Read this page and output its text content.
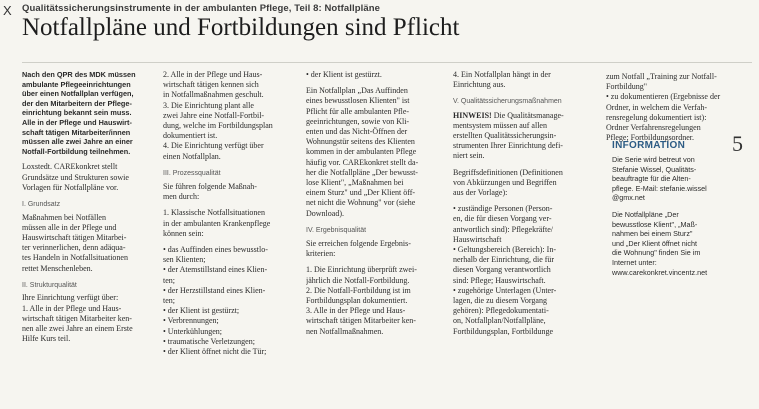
X Qualitätssicherungsinstrumente in der ambulanten Pflege, Teil 8: Notfallpläne
Notfallpläne und Fortbildungen sind Pflicht

Nach den QPR des MDK müssen
ambulante Pflegeeinrichtungen
über einen Notfallplan verfügen,
der den Mitarbeitern der Pflege-
einrichtung bekannt sein muss.
Alle in der Pflege und Hauswirt-
schaft tätigen Mitarbeiter/innen
müssen alle zwei Jahre an einer
Notfall-Fortbildung teilnehmen.

Loxstedt. CAREkonkret stellt
Grundsätze und Strukturen sowie
Vorlagen für Notfallpläne vor.

I. Grundsatz

Maßnahmen bei Notfällen
müssen alle in der Pflege und
Hauswirtschaft tätigen Mitarbei-
ter verinnerlichen, denn adäqua-
tes Handeln in Notfallsituationen
rettet Menschenleben.

II. Strukturqualität

Ihre Einrichtung verfügt über:
1. Alle in der Pflege und Haus-
wirtschaft tätigen Mitarbeiter ken-
nen alle zwei Jahre an einem Erste
Hilfe Kurs teil.

2. Alle in der Pflege und Haus-
wirtschaft tätigen kennen sich
in Notfallmaßnahmen geschult.
3. Die Einrichtung plant alle
zwei Jahre eine Notfall-Fortbil-
dung, welche im Fortbildungsplan
dokumentiert ist.
4. Die Einrichtung verfügt über
einen Notfallplan.

III. Prozessqualität

Sie führen folgende Maßnah-
men durch:

1. Klassische Notfallsituationen
in der ambulanten Krankenpflege
können sein:

• das Auffinden eines bewusstlo-
sen Klienten;
• der Atemstillstand eines Klien-
ten;
• der Herzstillstand eines Klien-
ten;
• der Klient ist gestürzt;
• Verbrennungen;
• Unterkühlungen;
• traumatische Verletzungen;
• der Klient öffnet nicht die Tür;

• der Klient ist gestürzt.

Ein Notfallplan „Das Auffinden
eines bewusstlosen Klienten" ist
Pflicht für alle ambulanten Pfle-
geeinrichtungen, sowie von Kli-
enten und das Nicht-Öffnen der
Wohnungstür seitens des Klienten
kommen in der ambulanten Pflege
häufig vor. CAREkonkret stellt da-
her die Notfallpläne „Der bewusst-
lose Klient", „Maßnahmen bei
einem Sturz" und „Der Klient öff-
net nicht die Wohnung" vor (siehe
Download).

IV. Ergebnisqualität

Sie erreichen folgende Ergebnis-
kriterien:

1. Die Einrichtung überprüft zwei-
jährlich die Notfall-Fortbildung.
2. Die Notfall-Fortbildung ist im
Fortbildungsplan dokumentiert.
3. Alle in der Pflege und Haus-
wirtschaft tätigen Mitarbeiter ken-
nen Notfallmaßnahmen.

4. Ein Notfallplan hängt in der
Einrichtung aus.

V. Qualitätssicherungsmaßnahmen

HINWEIS! Die Qualitätsmanage-
mentsystem müssen auf allen
erstellten Qualitätssicherungsin-
strumenten Ihrer Einrichtung defi-
niert sein.

Begriffsdefinitionen (Definitionen
von Abkürzungen und Begriffen
aus der Vorlage):

• zuständige Personen (Person-
en, die für diesen Vorgang ver-
antwortlich sind): Pflegekräfte/
Hauswirtschaft
• Geltungsbereich (Bereich): In-
nerhalb der Einrichtung, die für
diesen Vorgang verantwortlich
sind: Pflege; Hauswirtschaft.
• zugehörige Unterlagen (Unter-
lagen, die zu diesem Vorgang
gehören): Pflegedokumentati-
on, Notfallplan/Notfallpläne,
Fortbildungsplan, Fortbildunge

zum Notfall „Training zur Notfall-
Fortbildung"
• zu dokumentieren (Ergebnisse der
Ordner, in welchem die Verfah-
rensregelung dokumentiert ist):
Ordner Verfahrensregelungen
Pflege; Fortbildungsordner.	5
INFORMATION

Die Serie wird betreut von
Stefanie Wissel, Qualitäts-
beauftragte für die Alten-
pflege. E-Mail: stefanie.wissel
@gmx.net

Die Notfallpläne „Der
bewusstlose Klient", „Maß-
nahmen bei einem Sturz"
und „Der Klient öffnet nicht
die Wohnung" finden Sie im
Internet unter:
www.carekonkret.vincentz.net
